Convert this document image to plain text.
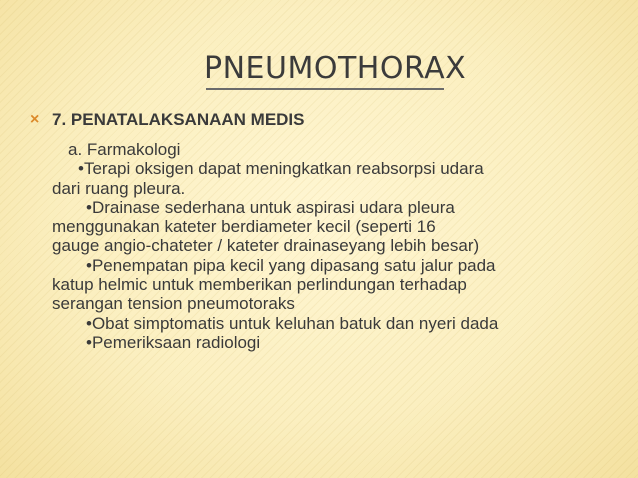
PNEUMOTHORAX
× 7. PENATALAKSANAAN MEDIS

a. Farmakologi

•Terapi oksigen dapat meningkatkan reabsorpsi udara

dari ruang pleura.

•Drainase sederhana untuk aspirasi udara pleura

menggunakan kateter berdiameter kecil (seperti 16

gauge angio-chateter / kateter drainaseyang lebih besar)

•Penempatan pipa kecil yang dipasang satu jalur pada

katup helmic untuk memberikan perlindungan terhadap

serangan tension pneumotoraks

•Obat simptomatis untuk keluhan batuk dan nyeri dada

•Pemeriksaan radiologi
